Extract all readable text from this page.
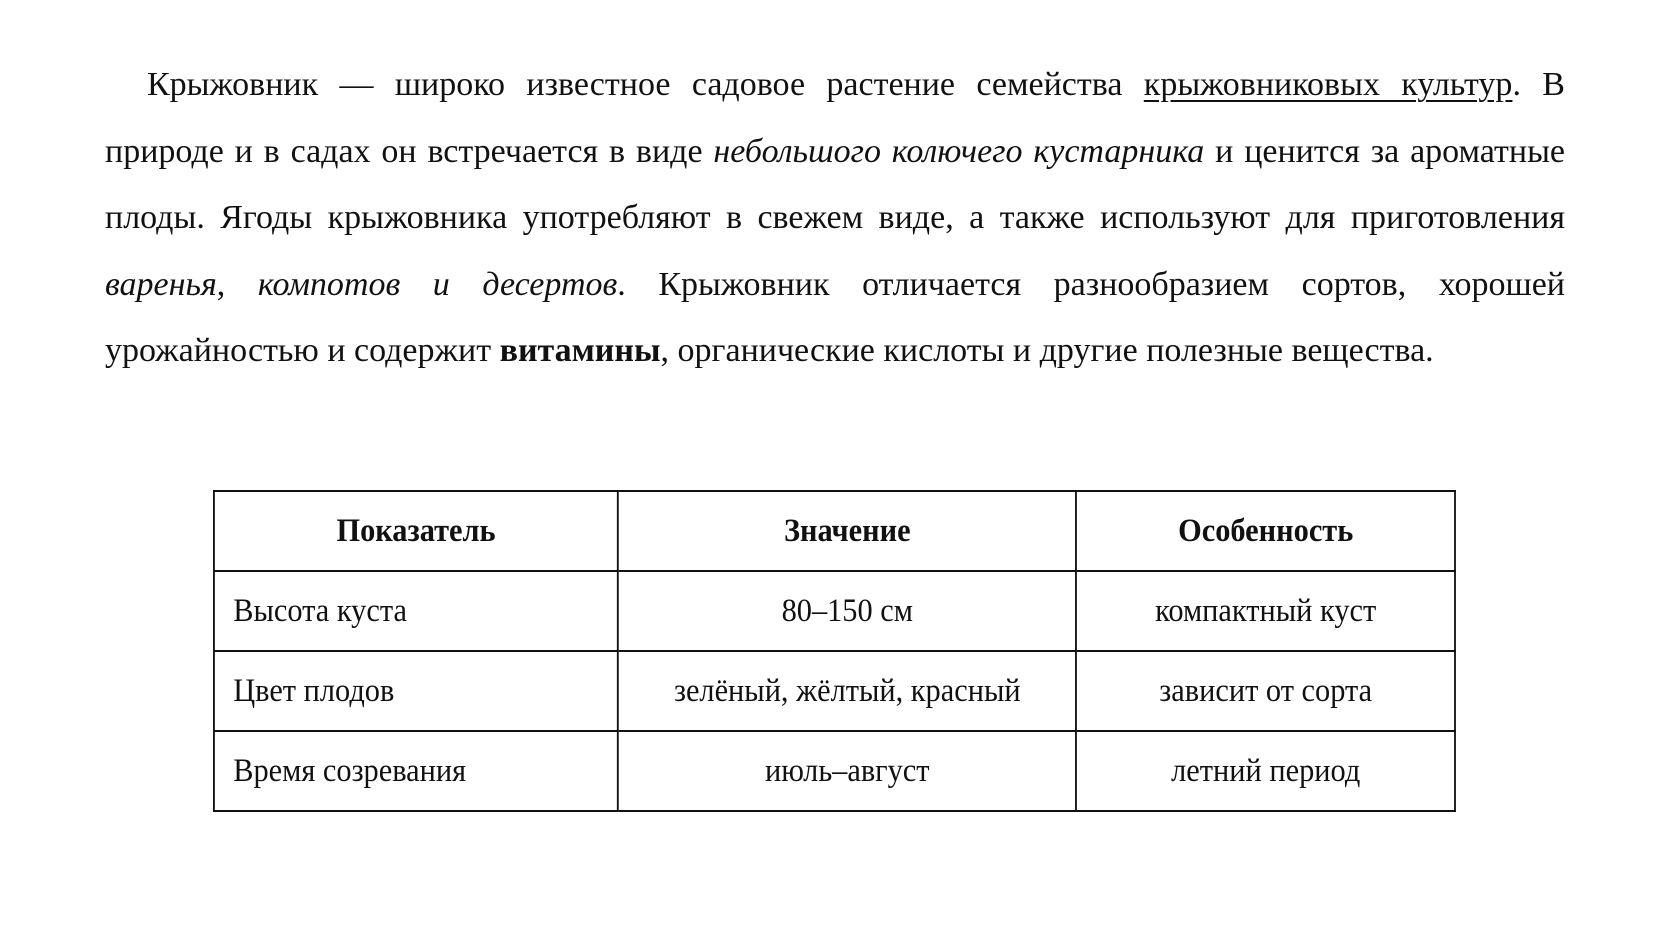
Крыжовник — широко известное садовое растение семейства крыжовниковых культур. В природе и в садах он встречается в виде небольшого колючего кустарника и ценится за ароматные плоды. Ягоды крыжовника употребляют в свежем виде, а также используют для приготовления варенья, компотов и десертов. Крыжовник отличается разнообразием сортов, хорошей урожайностью и содержит витамины, органические кислоты и другие полезные вещества.

Показатель	Значение	Особенность
Высота куста	80–150 см	компактный куст
Цвет плодов	зелёный, жёлтый, красный	зависит от сорта
Время созревания	июль–август	летний период
